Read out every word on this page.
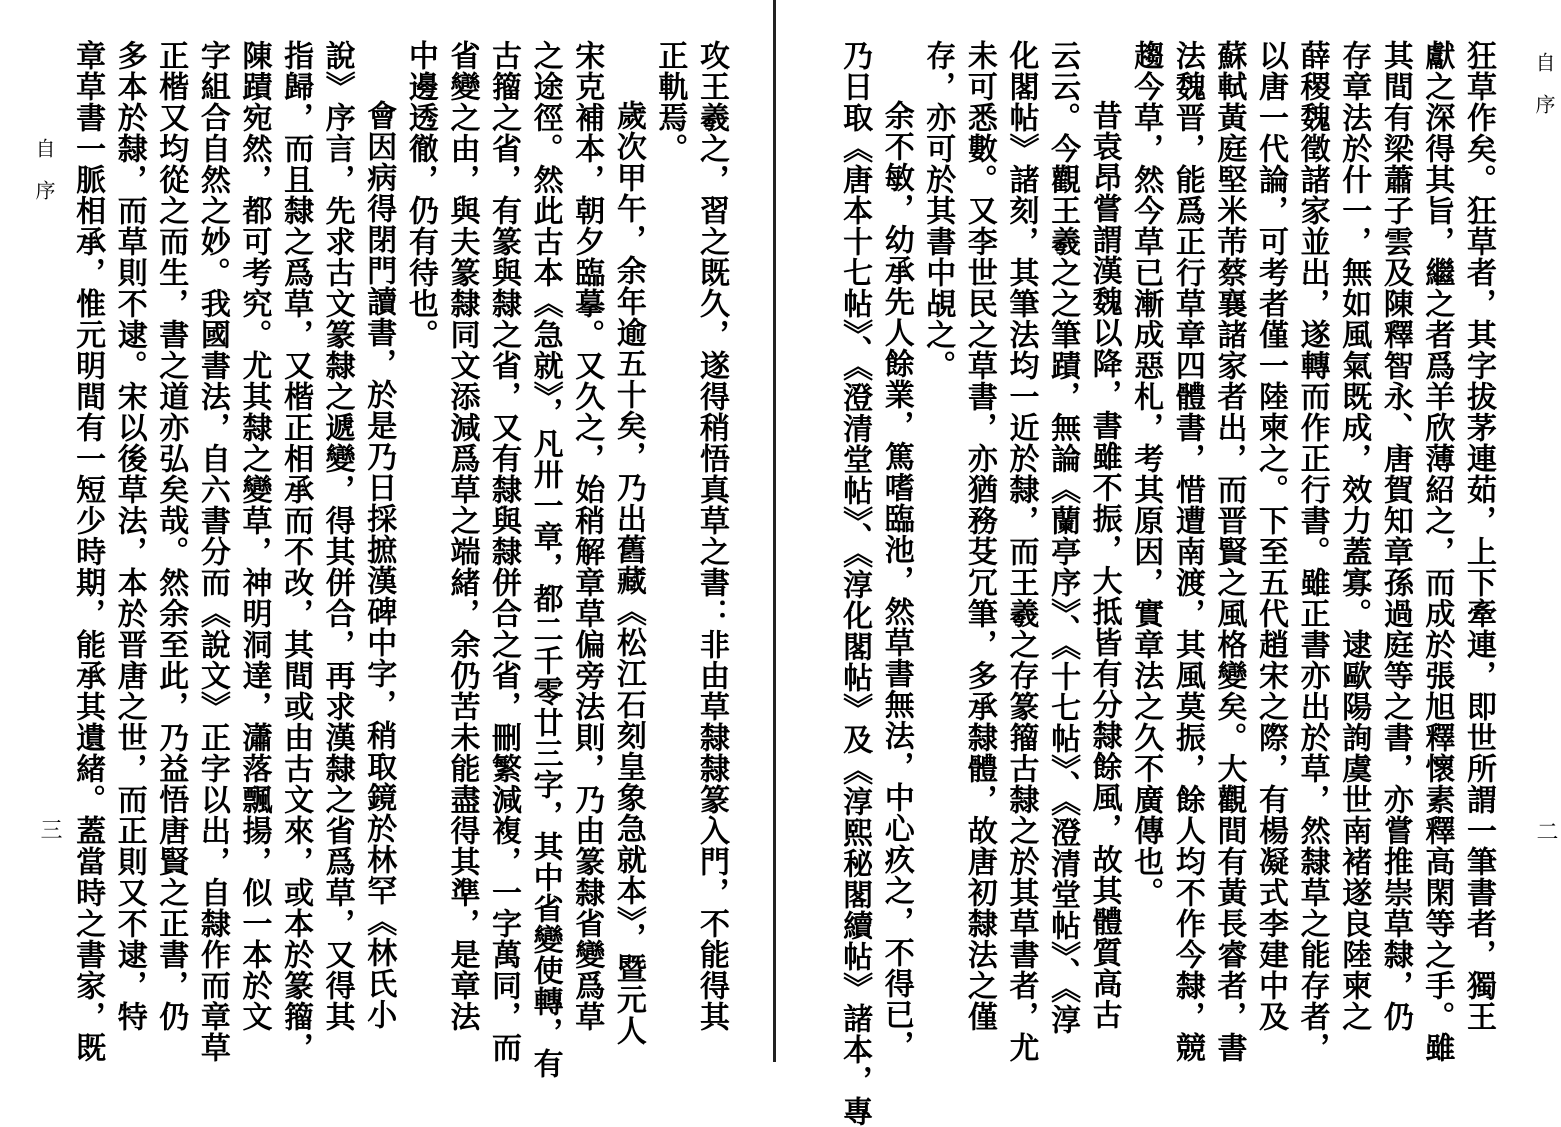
自序
二
狂草作矣。狂草者，其字拔茅連茹，上下牽連，即世所謂一筆書者，獨王
獻之深得其旨，繼之者爲羊欣薄紹之，而成於張旭釋懷素釋高閑等之手。雖
其間有梁蕭子雲及陳釋智永、唐賀知章孫過庭等之書，亦嘗推崇草隸，仍
存章法於什一，無如風氣既成，效力蓋寡。逮歐陽詢虞世南褚遂良陸柬之
薛稷魏徵諸家並出，遂轉而作正行書。雖正書亦出於草，然隸草之能存者，
以唐一代論，可考者僅一陸柬之。下至五代趙宋之際，有楊凝式李建中及
蘇軾黃庭堅米芾蔡襄諸家者出，而晋賢之風格變矣。大觀間有黃長睿者，書
法魏晋，能爲正行草章四體書，惜遭南渡，其風莫振，餘人均不作今隸，競
趨今草，然今草已漸成惡札，考其原因，實章法之久不廣傳也。
昔袁昂嘗謂漢魏以降，書雖不振，大抵皆有分隸餘風，故其體質高古
云云。今觀王羲之之筆蹟，無論《蘭亭序》、《十七帖》、《澄清堂帖》、《淳
化閣帖》諸刻，其筆法均一近於隸，而王羲之存篆籀古隸之於其草書者，尤
未可悉數。又李世民之草書，亦猶務芟冗筆，多承隸體，故唐初隸法之僅
存，亦可於其書中覘之。
余不敏，幼承先人餘業，篤嗜臨池，然草書無法，中心疚之，不得已，
乃日取《唐本十七帖》、《澄清堂帖》、《淳化閣帖》及《淳熙秘閣續帖》諸本，專
自序
三	攻王羲之，習之既久，遂得稍悟真草之書：非由草隸隸篆入門，不能得其
正軌焉。
歲次甲午，余年逾五十矣，乃出舊藏《松江石刻皇象急就本》，暨元人
宋克補本，朝夕臨摹。又久之，始稍解章草偏旁法則，乃由篆隸省變爲草
之途徑。然此古本《急就》，凡卅一章，都二千零廿三字，其中省變使轉，有
古籀之省，有篆與隸之省，又有隸與隸併合之省，刪繁減複，一字萬同，而
省變之由，與夫篆隸同文添減爲草之端緒，余仍苦未能盡得其準，是章法
中邊透徹，仍有待也。
會因病得閉門讀書，於是乃日採摭漢碑中字，稍取鏡於林罕《林氏小
說》序言，先求古文篆隸之遞變，得其併合，再求漢隸之省爲草，又得其
指歸，而且隸之爲草，又楷正相承而不改，其間或由古文來，或本於篆籀，
陳蹟宛然，都可考究。尤其隸之變草，神明洞達，瀟落飄揚，似一本於文
字組合自然之妙。我國書法，自六書分而《說文》正字以出，自隸作而章草
正楷又均從之而生，書之道亦弘矣哉。然余至此，乃益悟唐賢之正書，仍
多本於隸，而草則不逮。宋以後草法，本於晋唐之世，而正則又不逮，特
章草書一脈相承，惟元明間有一短少時期，能承其遺緒。蓋當時之書家，既
